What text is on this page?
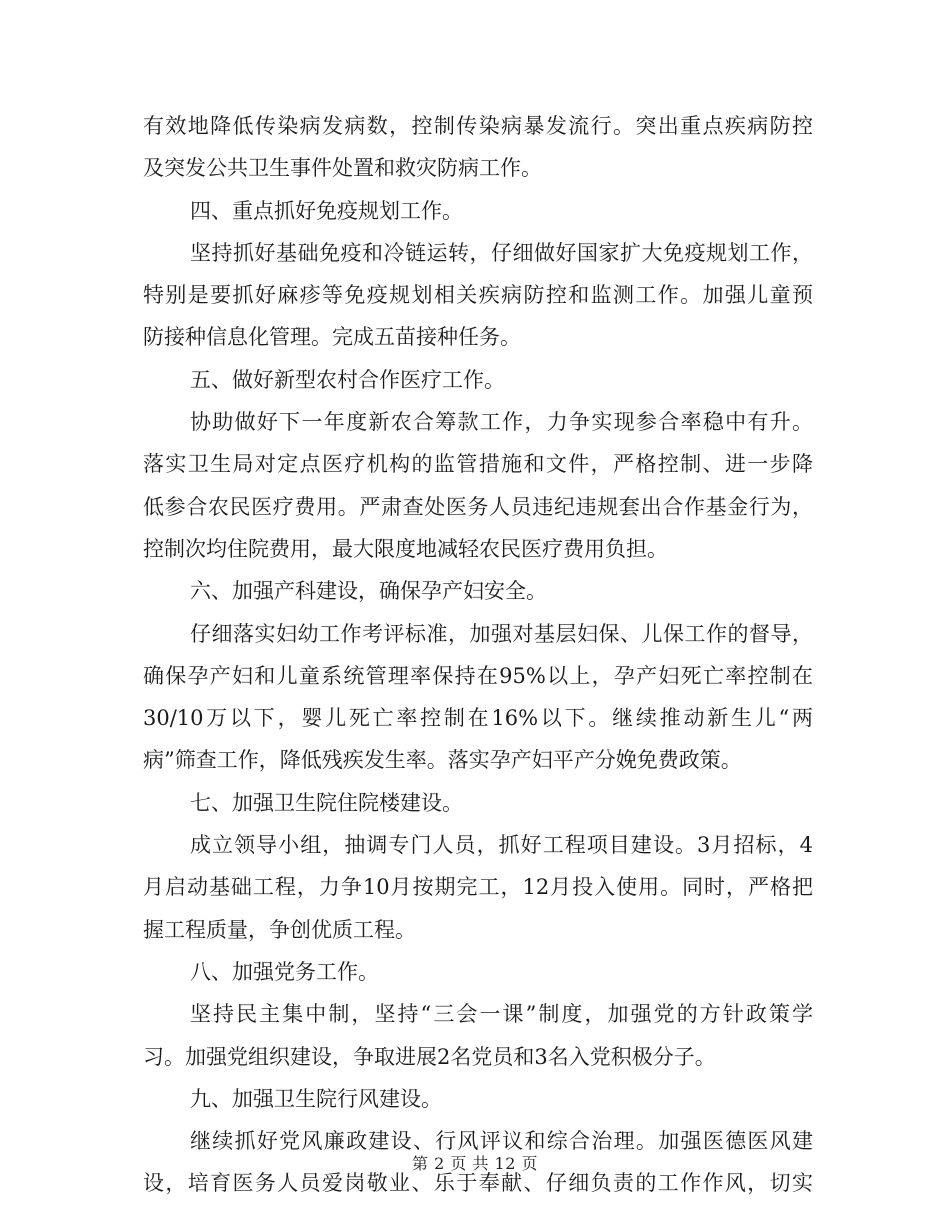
有效地降低传染病发病数，控制传染病暴发流行。突出重点疾病防控
及突发公共卫生事件处置和救灾防病工作。
四、重点抓好免疫规划工作。
坚持抓好基础免疫和冷链运转，仔细做好国家扩大免疫规划工作，
特别是要抓好麻疹等免疫规划相关疾病防控和监测工作。加强儿童预
防接种信息化管理。完成五苗接种任务。
五、做好新型农村合作医疗工作。
协助做好下一年度新农合筹款工作，力争实现参合率稳中有升。
落实卫生局对定点医疗机构的监管措施和文件，严格控制、进一步降
低参合农民医疗费用。严肃查处医务人员违纪违规套出合作基金行为，
控制次均住院费用，最大限度地减轻农民医疗费用负担。
六、加强产科建设，确保孕产妇安全。
仔细落实妇幼工作考评标准，加强对基层妇保、儿保工作的督导，
确保孕产妇和儿童系统管理率保持在95%以上，孕产妇死亡率控制在
30/10万以下，婴儿死亡率控制在16%以下。继续推动新生儿“两
病”筛查工作，降低残疾发生率。落实孕产妇平产分娩免费政策。
七、加强卫生院住院楼建设。
成立领导小组，抽调专门人员，抓好工程项目建设。3月招标，4
月启动基础工程，力争10月按期完工，12月投入使用。同时，严格把
握工程质量，争创优质工程。
八、加强党务工作。
坚持民主集中制，坚持“三会一课”制度，加强党的方针政策学
习。加强党组织建设，争取进展2名党员和3名入党积极分子。
九、加强卫生院行风建设。
继续抓好党风廉政建设、行风评议和综合治理。加强医德医风建
设，培育医务人员爱岗敬业、乐于奉献、仔细负责的工作作风，切实
第 2 页 共 12 页
